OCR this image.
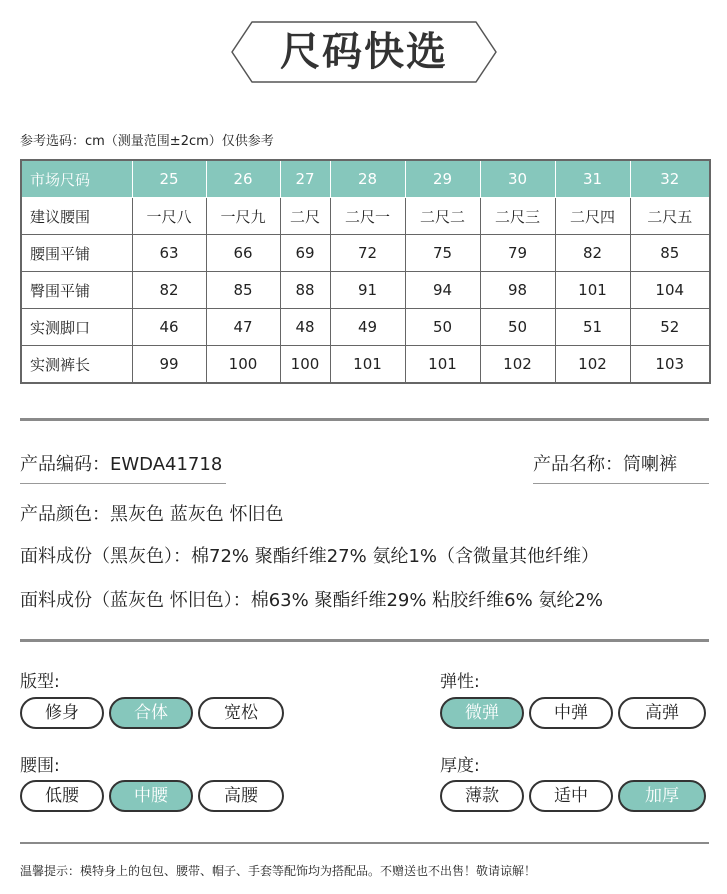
尺码快选
参考选码：cm（测量范围±2cm）仅供参考
市场尺码	25	26	27	28	29	30	31	32
建议腰围	一尺八	一尺九	二尺	二尺一	二尺二	二尺三	二尺四	二尺五
腰围平铺	63	66	69	72	75	79	82	85
臀围平铺	82	85	88	91	94	98	101	104
实测脚口	46	47	48	49	50	50	51	52
实测裤长	99	100	100	101	101	102	102	103
产品编码：EWDA41718	产品名称：筒喇裤
产品颜色：黑灰色 蓝灰色 怀旧色
面料成份（黑灰色）：棉72% 聚酯纤维27% 氨纶1%（含微量其他纤维）
面料成份（蓝灰色 怀旧色）：棉63% 聚酯纤维29% 粘胶纤维6% 氨纶2%
版型:
修身	合体	宽松
弹性:
微弹	中弹	高弹
腰围:
低腰	中腰	高腰
厚度:
薄款	适中	加厚
温馨提示：模特身上的包包、腰带、帽子、手套等配饰均为搭配品。不赠送也不出售！敬请谅解！
